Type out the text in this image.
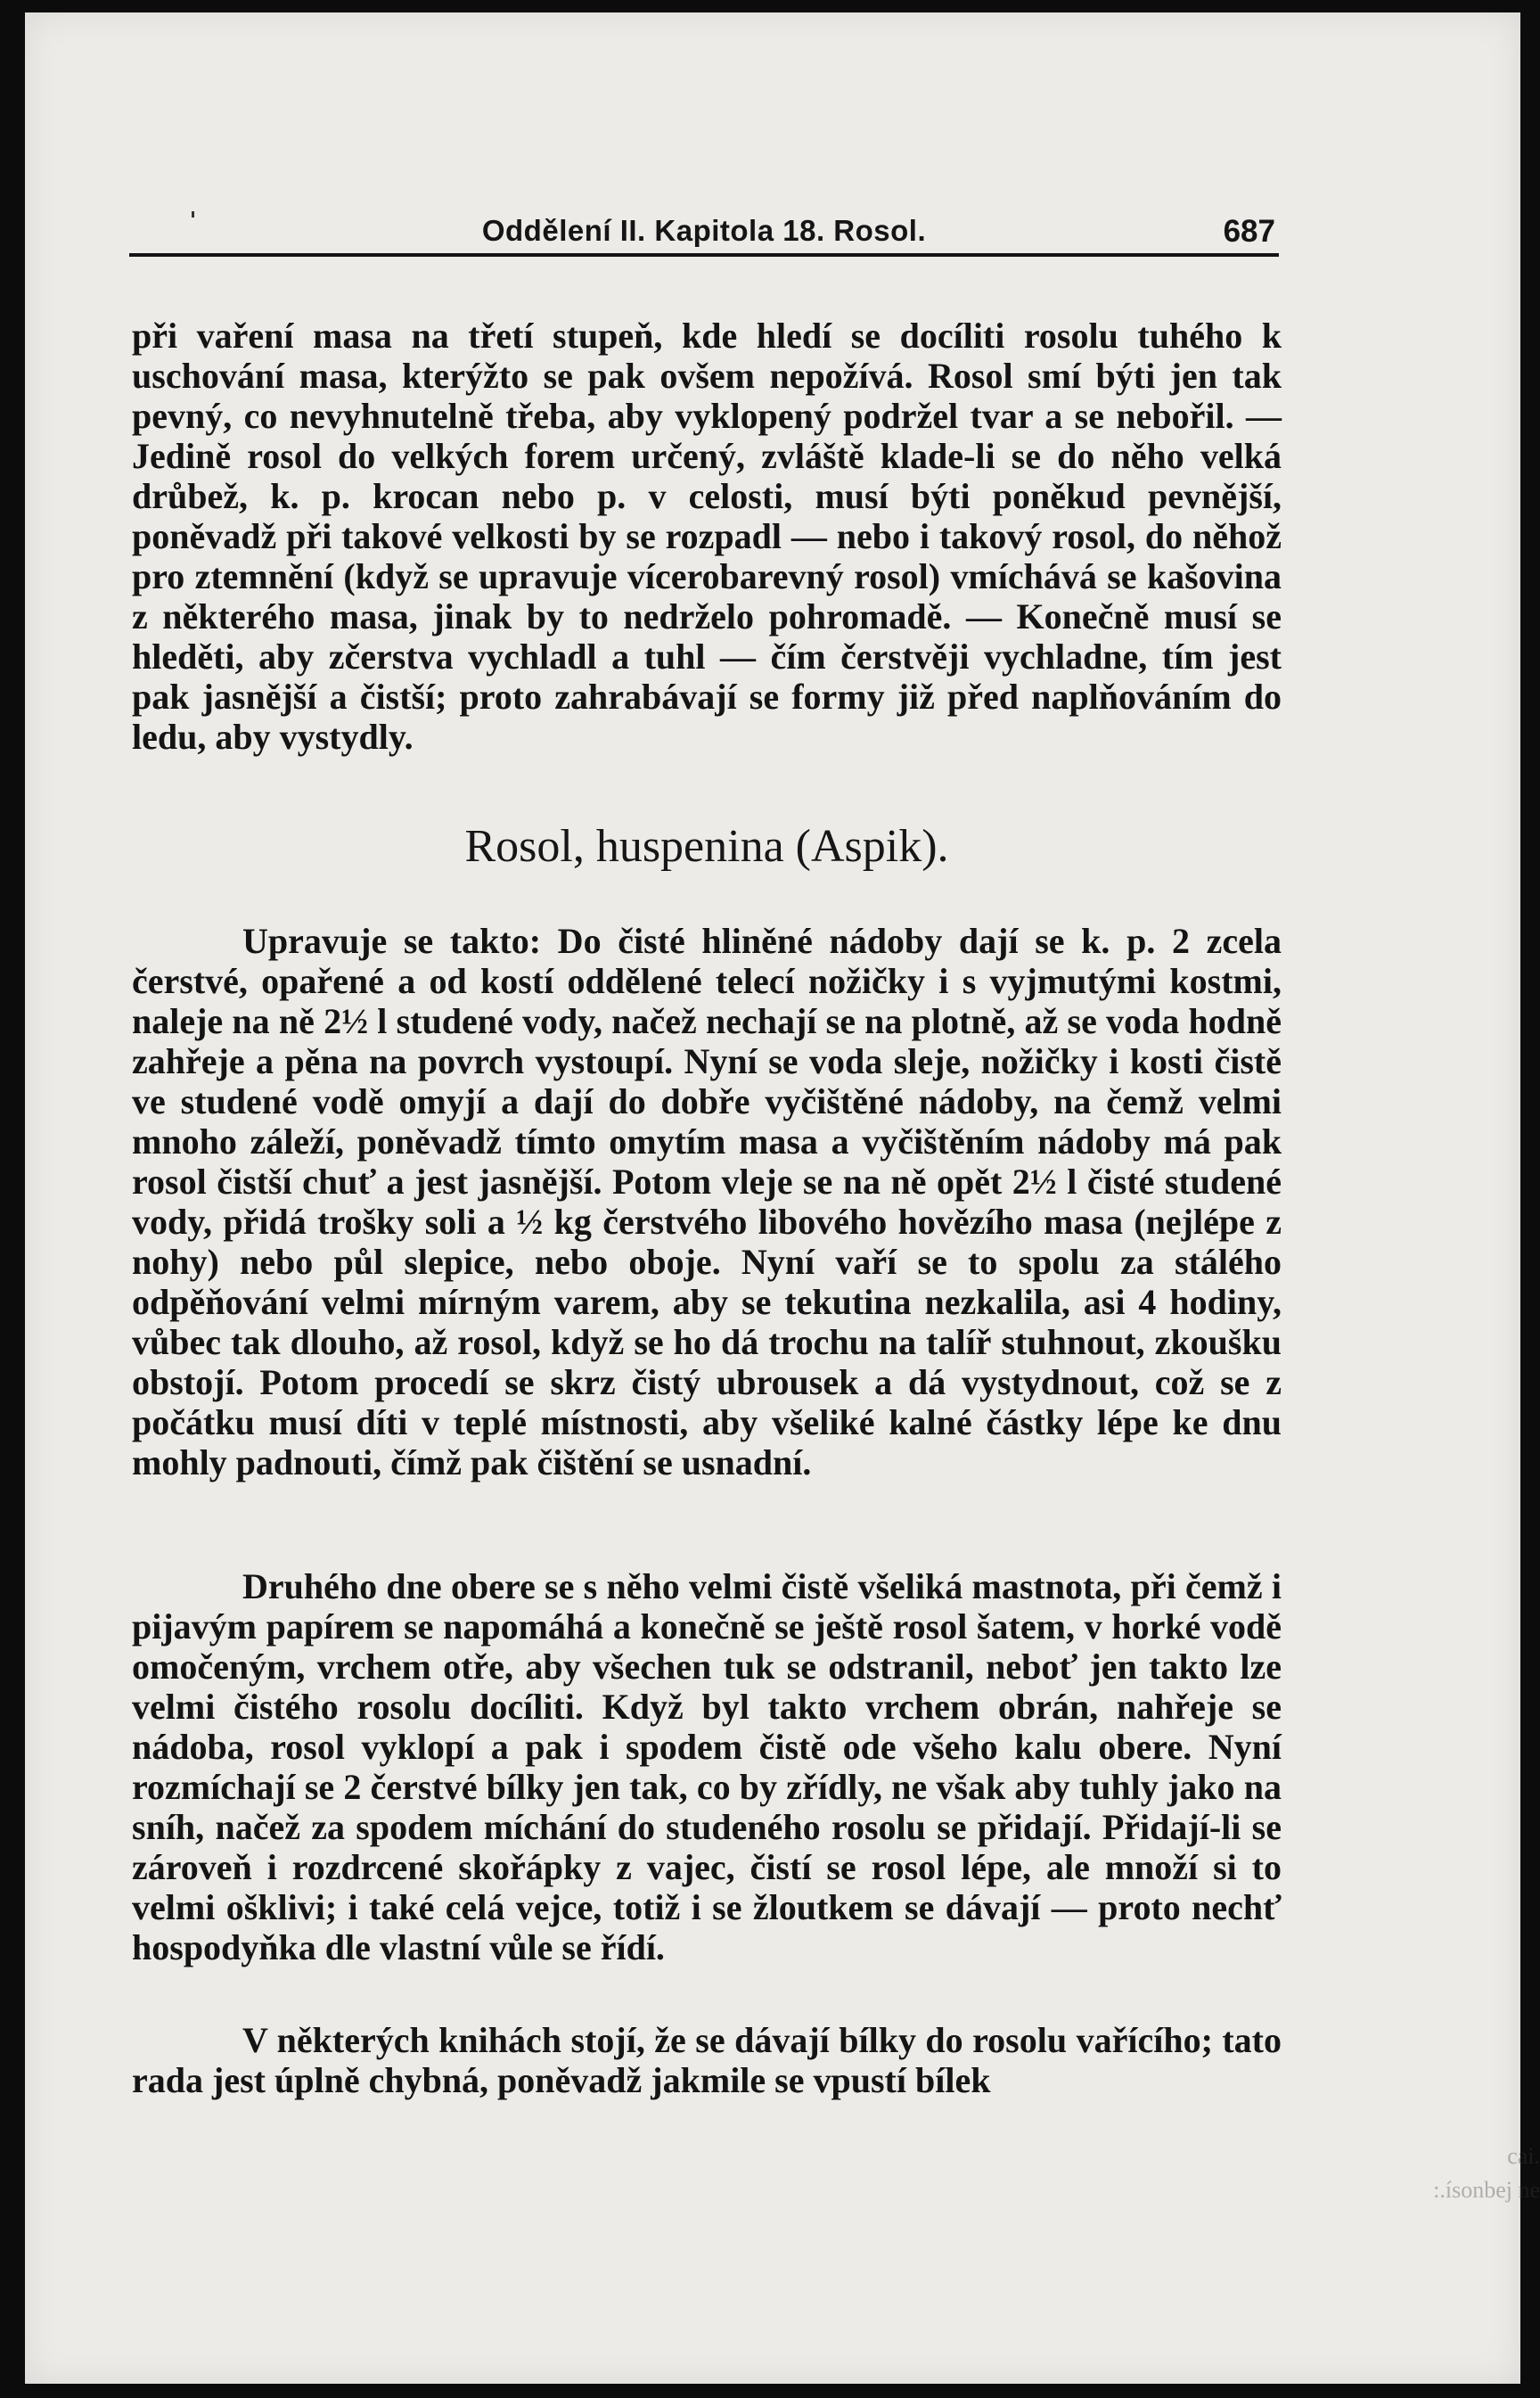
Oddělení II. Kapitola 18. Rosol.	687

při vaření masa na třetí stupeň, kde hledí se docíliti rosolu tuhého k uschování masa, kterýžto se pak ovšem nepožívá. Rosol smí býti jen tak pevný, co nevyhnutelně třeba, aby vyklopený podržel tvar a se nebořil. — Jedině rosol do velkých forem určený, zvláště klade-li se do něho velká drůbež, k. p. krocan nebo p. v celosti, musí býti poněkud pevnější, poněvadž při takové velkosti by se rozpadl — nebo i takový rosol, do něhož pro ztemnění (když se upravuje vícerobarevný rosol) vmíchává se kašovina z některého masa, jinak by to nedrželo pohromadě. — Konečně musí se hleděti, aby zčerstva vychladl a tuhl — čím čerstvěji vychladne, tím jest pak jasnější a čistší; proto zahrabávají se formy již před naplňováním do ledu, aby vystydly.

Rosol, huspenina (Aspik).

Upravuje se takto: Do čisté hliněné nádoby dají se k. p. 2 zcela čerstvé, opařené a od kostí oddělené telecí nožičky i s vyjmutými kostmi, naleje na ně 2½ l studené vody, načež nechají se na plotně, až se voda hodně zahřeje a pěna na povrch vystoupí. Nyní se voda sleje, nožičky i kosti čistě ve studené vodě omyjí a dají do dobře vyčištěné nádoby, na čemž velmi mnoho záleží, poněvadž tímto omytím masa a vyčištěním nádoby má pak rosol čistší chuť a jest jasnější. Potom vleje se na ně opět 2½ l čisté studené vody, přidá trošky soli a ½ kg čerstvého libového hovězího masa (nejlépe z nohy) nebo půl slepice, nebo oboje. Nyní vaří se to spolu za stálého odpěňování velmi mírným varem, aby se tekutina nezkalila, asi 4 hodiny, vůbec tak dlouho, až rosol, když se ho dá trochu na talíř stuhnout, zkoušku obstojí. Potom procedí se skrz čistý ubrousek a dá vystydnout, což se z počátku musí díti v teplé místnosti, aby všeliké kalné částky lépe ke dnu mohly padnouti, čímž pak čištění se usnadní.

Druhého dne obere se s něho velmi čistě všeliká mastnota, při čemž i pijavým papírem se napomáhá a konečně se ještě rosol šatem, v horké vodě omočeným, vrchem otře, aby všechen tuk se odstranil, neboť jen takto lze velmi čistého rosolu docíliti. Když byl takto vrchem obrán, nahřeje se nádoba, rosol vyklopí a pak i spodem čistě ode všeho kalu obere. Nyní rozmíchají se 2 čerstvé bílky jen tak, co by zřídly, ne však aby tuhly jako na sníh, načež za spodem míchání do studeného rosolu se přidají. Přidají-li se zároveň i rozdrcené skořápky z vajec, čistí se rosol lépe, ale množí si to velmi ošklivi; i také celá vejce, totiž i se žloutkem se dávají — proto nechť hospodyňka dle vlastní vůle se řídí.

V některých knihách stojí, že se dávají bílky do rosolu vařícího; tato rada jest úplně chybná, poněvadž jakmile se vpustí bílek

cai.
:.ísonbej ne
